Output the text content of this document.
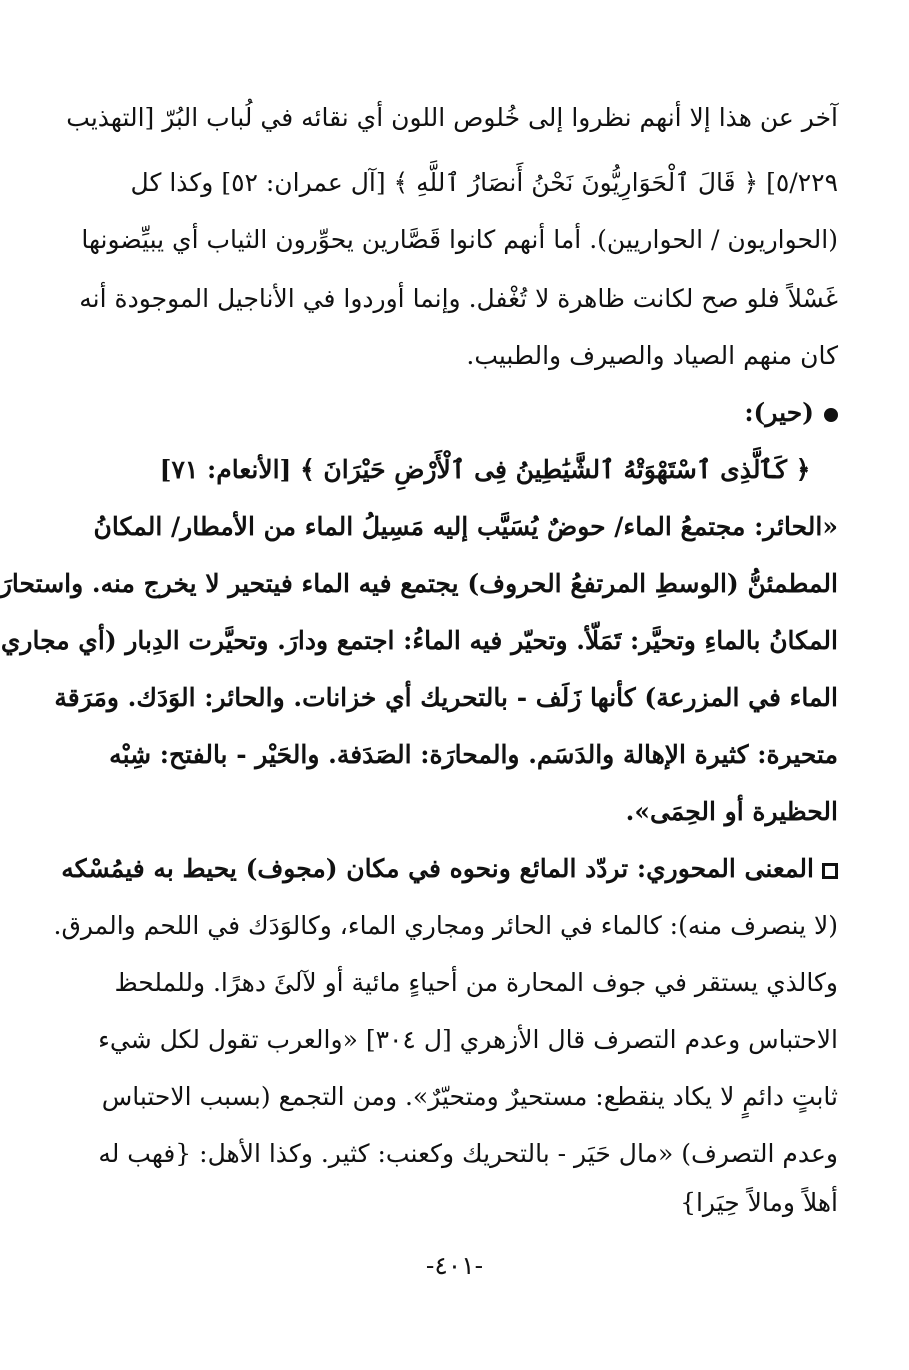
آخر عن هذا إلا أنهم نظروا إلى خُلوص اللون أي نقائه في لُباب البُرّ [التهذيب
٥/٢٢٩] ﴿ قَالَ ٱلْحَوَارِيُّونَ نَحْنُ أَنصَارُ ٱللَّهِ ﴾ [آل عمران: ٥٢] وكذا كل
(الحواريون / الحواريين). أما أنهم كانوا قَصَّارين يحوِّرون الثياب أي يبيِّضونها
غَسْلاً فلو صح لكانت ظاهرة لا تُغْفل. وإنما أوردوا في الأناجيل الموجودة أنه
كان منهم الصياد والصيرف والطبيب.
(حير):
﴿ كَٱلَّذِى ٱسْتَهْوَتْهُ ٱلشَّيَٰطِينُ فِى ٱلْأَرْضِ حَيْرَانَ ﴾ [الأنعام: ٧١]
«الحائر: مجتمعُ الماء/ حوضٌ يُسَيَّب إليه مَسِيلُ الماء من الأمطار/ المكانُ
المطمئنُّ (الوسطِ المرتفعُ الحروف) يجتمع فيه الماء فيتحير لا يخرج منه. واستحارَ
المكانُ بالماءِ وتحيَّر: تَمَلّأ. وتحيّر فيه الماءُ: اجتمع ودارَ. وتحيَّرت الدِبار (أي مجاري
الماء في المزرعة) كأنها زَلَف - بالتحريك أي خزانات. والحائر: الوَدَك. ومَرَقة
متحيرة: كثيرة الإهالة والدَسَم. والمحارَة: الصَدَفة. والحَيْر - بالفتح: شِبْه
الحظيرة أو الحِمَى».
المعنى المحوري: تردّد المائع ونحوه في مكان (مجوف) يحيط به فيمُسْكه
(لا ينصرف منه): كالماء في الحائر ومجاري الماء، وكالوَدَك في اللحم والمرق.
وكالذي يستقر في جوف المحارة من أحياءٍ مائية أو لآلئَ دهرًا. وللملحظ
الاحتباس وعدم التصرف قال الأزهري [ل ٣٠٤] «والعرب تقول لكل شيء
ثابتٍ دائمٍ لا يكاد ينقطع: مستحيرٌ ومتحيّرٌ». ومن التجمع (بسبب الاحتباس
وعدم التصرف) «مال حَيَر - بالتحريك وكعنب: كثير. وكذا الأهل: {فهب له
أهلاً ومالاً حِيَرا}
-٤٠١-
